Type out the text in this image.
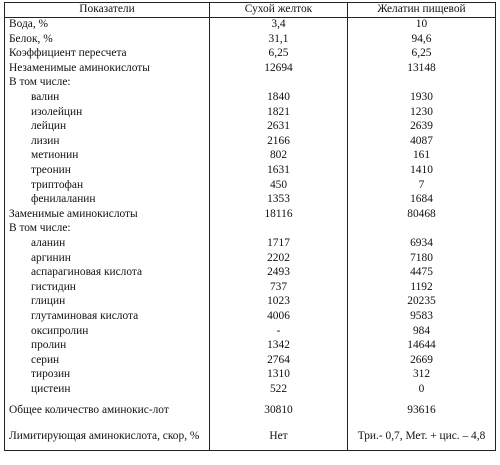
Показатели	Сухой желток	Желатин пищевой
Вода, %	3,4	10
Белок, %	31,1	94,6
Коэффициент пересчета	6,25	6,25
Незаменимые аминокислоты	12694	13148
В том числе:		
валин	1840	1930
изолейцин	1821	1230
лейцин	2631	2639
лизин	2166	4087
метионин	802	161
треонин	1631	1410
триптофан	450	7
фенилаланин	1353	1684
Заменимые аминокислоты	18116	80468
В том числе:		
аланин	1717	6934
аргинин	2202	7180
аспарагиновая кислота	2493	4475
гистидин	737	1192
глицин	1023	20235
глутаминовая кислота	4006	9583
оксипролин	-	984
пролин	1342	14644
серин	2764	2669
тирозин	1310	312
цистеин	522	0
Общее количество аминокис-лот	30810	93616
Лимитирующая аминокислота, скор, %	Нет	Три.- 0,7, Мет. + цис. – 4,8
